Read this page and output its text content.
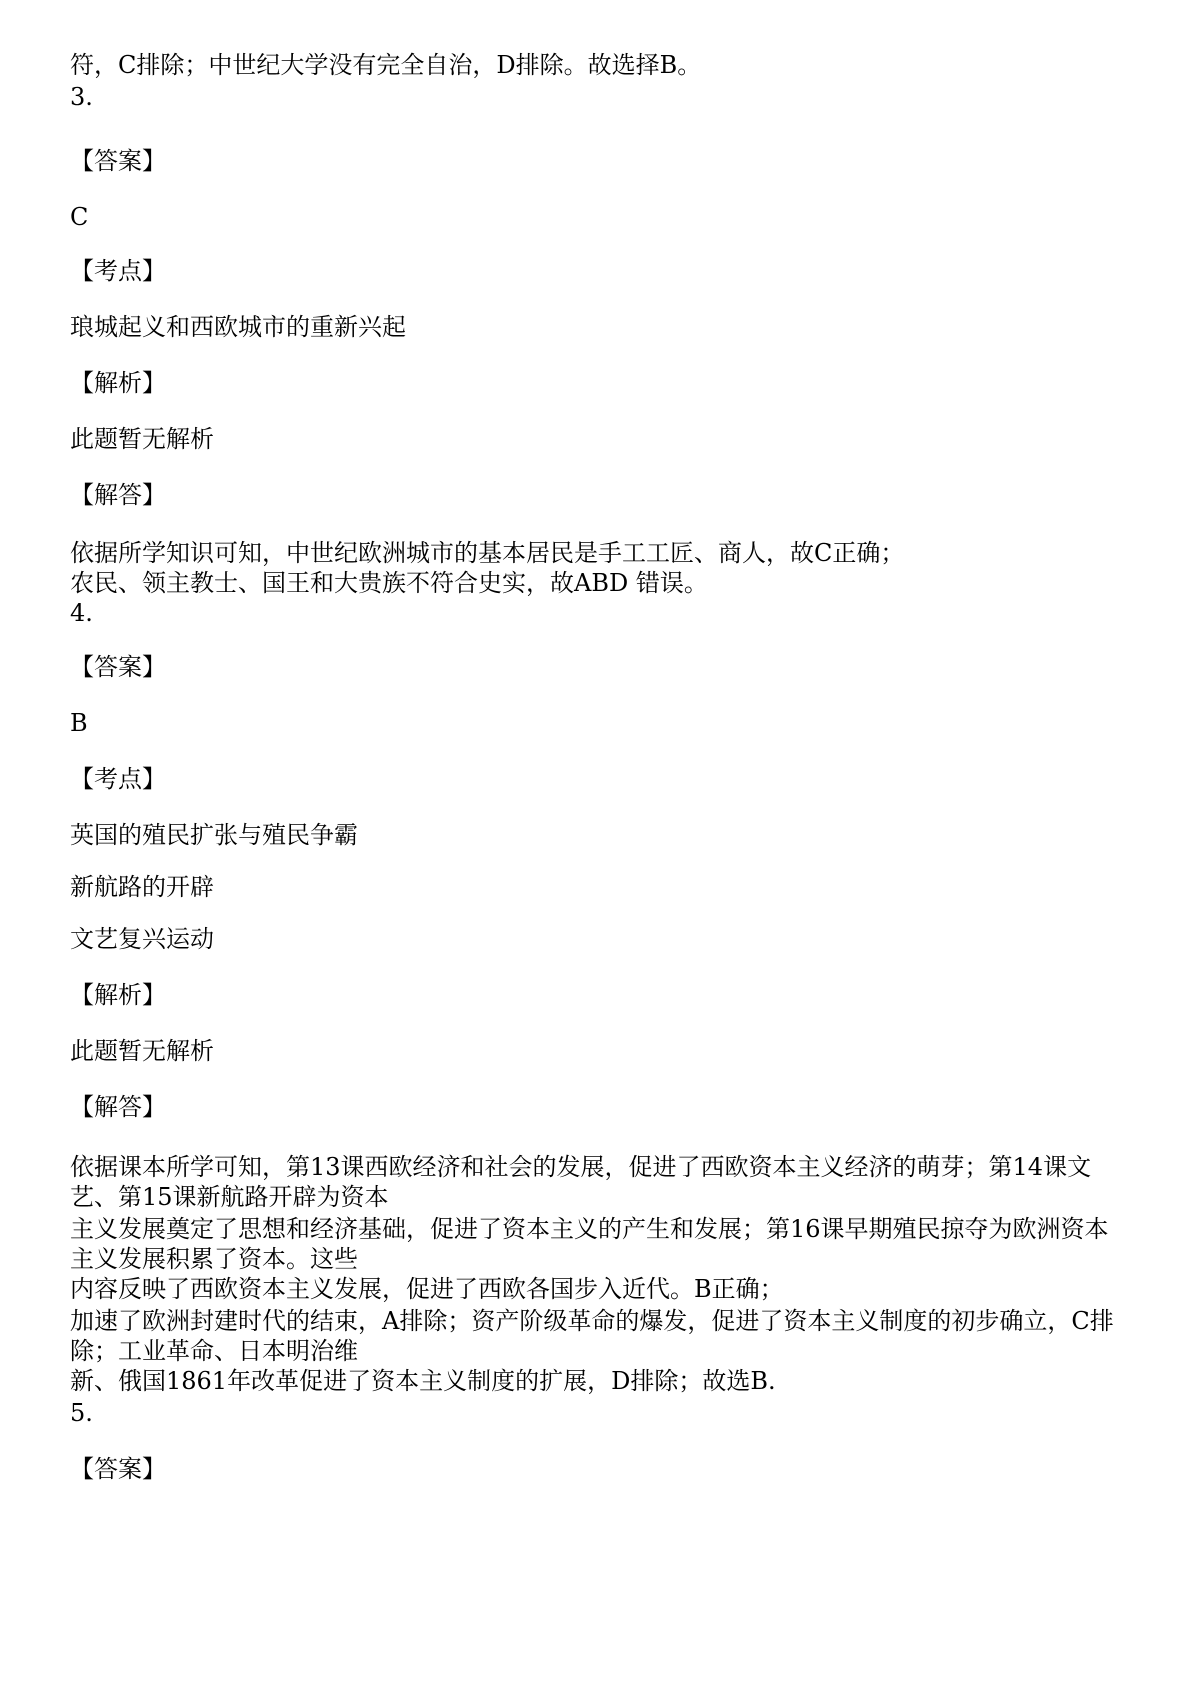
符，C排除；中世纪大学没有完全自治，D排除。故选择B。
3.
【答案】
C
【考点】
琅城起义和西欧城市的重新兴起
【解析】
此题暂无解析
【解答】
依据所学知识可知，中世纪欧洲城市的基本居民是手工工匠、商人，故C正确；
农民、领主教士、国王和大贵族不符合史实，故ABD 错误。
4.
【答案】
B
【考点】
英国的殖民扩张与殖民争霸
新航路的开辟
文艺复兴运动
【解析】
此题暂无解析
【解答】
依据课本所学可知，第13课西欧经济和社会的发展，促进了西欧资本主义经济的萌芽；第14课文
艺、第15课新航路开辟为资本
主义发展奠定了思想和经济基础，促进了资本主义的产生和发展；第16课早期殖民掠夺为欧洲资本
主义发展积累了资本。这些
内容反映了西欧资本主义发展，促进了西欧各国步入近代。B正确；
加速了欧洲封建时代的结束，A排除；资产阶级革命的爆发，促进了资本主义制度的初步确立，C排
除；工业革命、日本明治维
新、俄国1861年改革促进了资本主义制度的扩展，D排除；故选B.
5.
【答案】
